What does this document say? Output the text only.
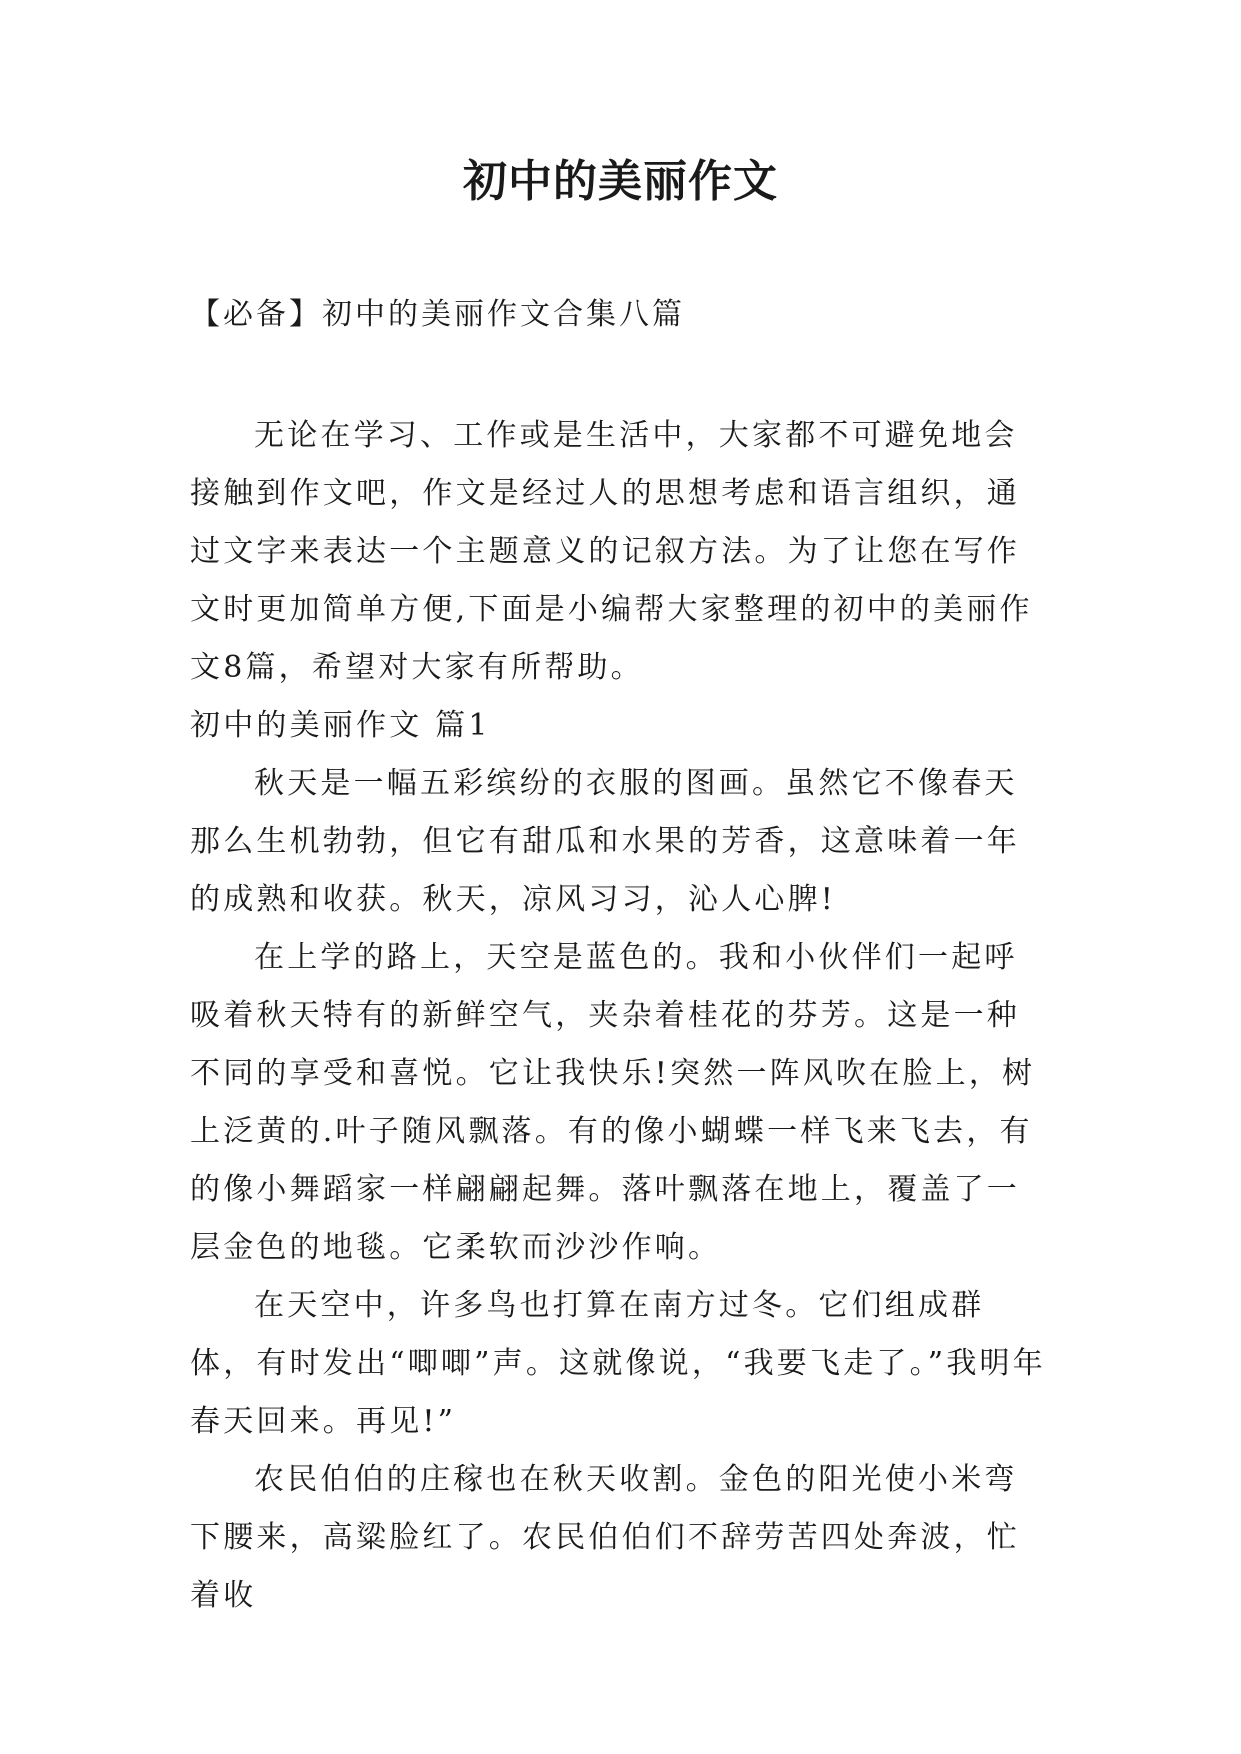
初中的美丽作文
【必备】初中的美丽作文合集八篇

无论在学习、工作或是生活中，大家都不可避免地会接触到作文吧，作文是经过人的思想考虑和语言组织，通过文字来表达一个主题意义的记叙方法。为了让您在写作文时更加简单方便,下面是小编帮大家整理的初中的美丽作文8篇，希望对大家有所帮助。

初中的美丽作文 篇1

秋天是一幅五彩缤纷的衣服的图画。虽然它不像春天那么生机勃勃，但它有甜瓜和水果的芳香，这意味着一年的成熟和收获。秋天，凉风习习，沁人心脾!

在上学的路上，天空是蓝色的。我和小伙伴们一起呼吸着秋天特有的新鲜空气，夹杂着桂花的芬芳。这是一种不同的享受和喜悦。它让我快乐!突然一阵风吹在脸上，树上泛黄的.叶子随风飘落。有的像小蝴蝶一样飞来飞去，有的像小舞蹈家一样翩翩起舞。落叶飘落在地上，覆盖了一层金色的地毯。它柔软而沙沙作响。

在天空中，许多鸟也打算在南方过冬。它们组成群体，有时发出“唧唧”声。这就像说，“我要飞走了。”我明年春天回来。再见!”

农民伯伯的庄稼也在秋天收割。金色的阳光使小米弯下腰来，高粱脸红了。农民伯伯们不辞劳苦四处奔波，忙着收
